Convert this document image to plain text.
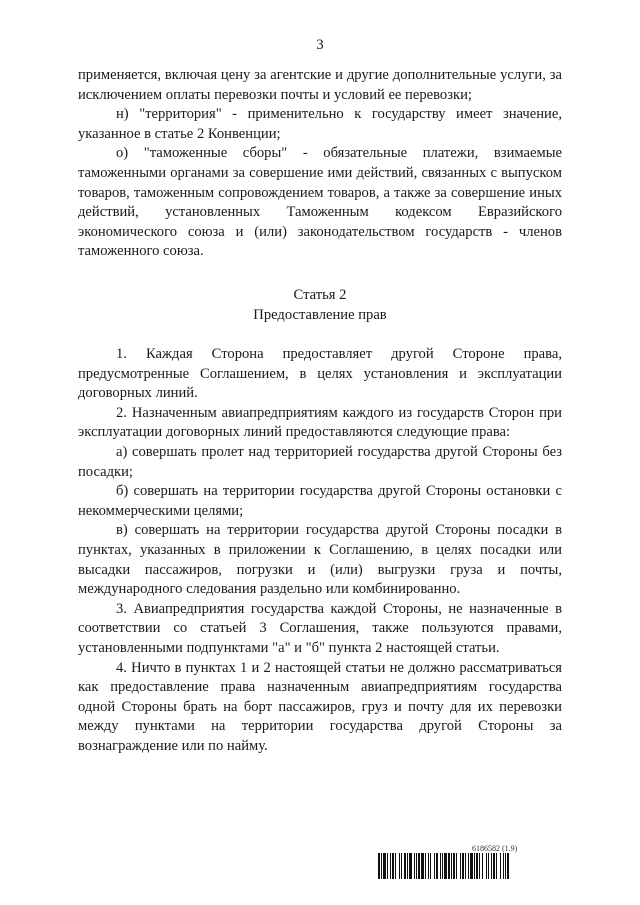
3

применяется, включая цену за агентские и другие дополнительные услуги, за исключением оплаты перевозки почты и условий ее перевозки;

н) "территория" - применительно к государству имеет значение, указанное в статье 2 Конвенции;

о) "таможенные сборы" - обязательные платежи, взимаемые таможенными органами за совершение ими действий, связанных с выпуском товаров, таможенным сопровождением товаров, а также за совершение иных действий, установленных Таможенным кодексом Евразийского экономического союза и (или) законодательством государств - членов таможенного союза.

Статья 2

Предоставление прав

1. Каждая Сторона предоставляет другой Стороне права, предусмотренные Соглашением, в целях установления и эксплуатации договорных линий.

2. Назначенным авиапредприятиям каждого из государств Сторон при эксплуатации договорных линий предоставляются следующие права:

а) совершать пролет над территорией государства другой Стороны без посадки;

б) совершать на территории государства другой Стороны остановки с некоммерческими целями;

в) совершать на территории государства другой Стороны посадки в пунктах, указанных в приложении к Соглашению, в целях посадки или высадки пассажиров, погрузки и (или) выгрузки груза и почты, международного следования раздельно или комбинированно.

3. Авиапредприятия государства каждой Стороны, не назначенные в соответствии со статьей 3 Соглашения, также пользуются правами, установленными подпунктами "а" и "б" пункта 2 настоящей статьи.

4. Ничто в пунктах 1 и 2 настоящей статьи не должно рассматриваться как предоставление права назначенным авиапредприятиям государства одной Стороны брать на борт пассажиров, груз и почту для их перевозки между пунктами на территории государства другой Стороны за вознаграждение или по найму.

6186582 (1.9)
